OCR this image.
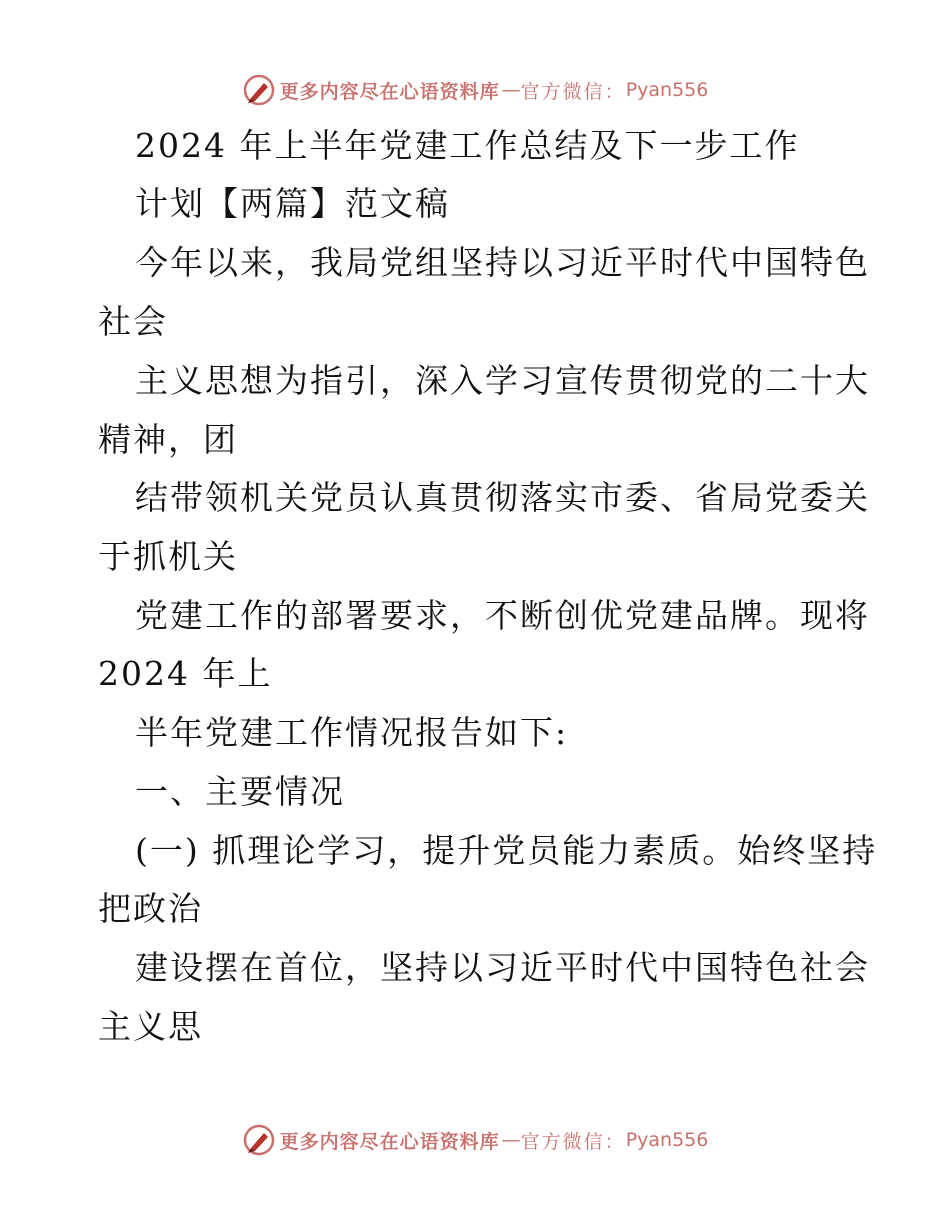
更多内容尽在心语资料库 — 官方微信： Pyan556
2024 年上半年党建工作总结及下一步工作
计划【两篇】范文稿
今年以来，我局党组坚持以习近平时代中国特色
社会
主义思想为指引，深入学习宣传贯彻党的二十大
精神，团
结带领机关党员认真贯彻落实市委、省局党委关
于抓机关
党建工作的部署要求，不断创优党建品牌。现将
2024 年上
半年党建工作情况报告如下:
一、主要情况
(一) 抓理论学习，提升党员能力素质。始终坚持
把政治
建设摆在首位，坚持以习近平时代中国特色社会
主义思
更多内容尽在心语资料库 — 官方微信： Pyan556
